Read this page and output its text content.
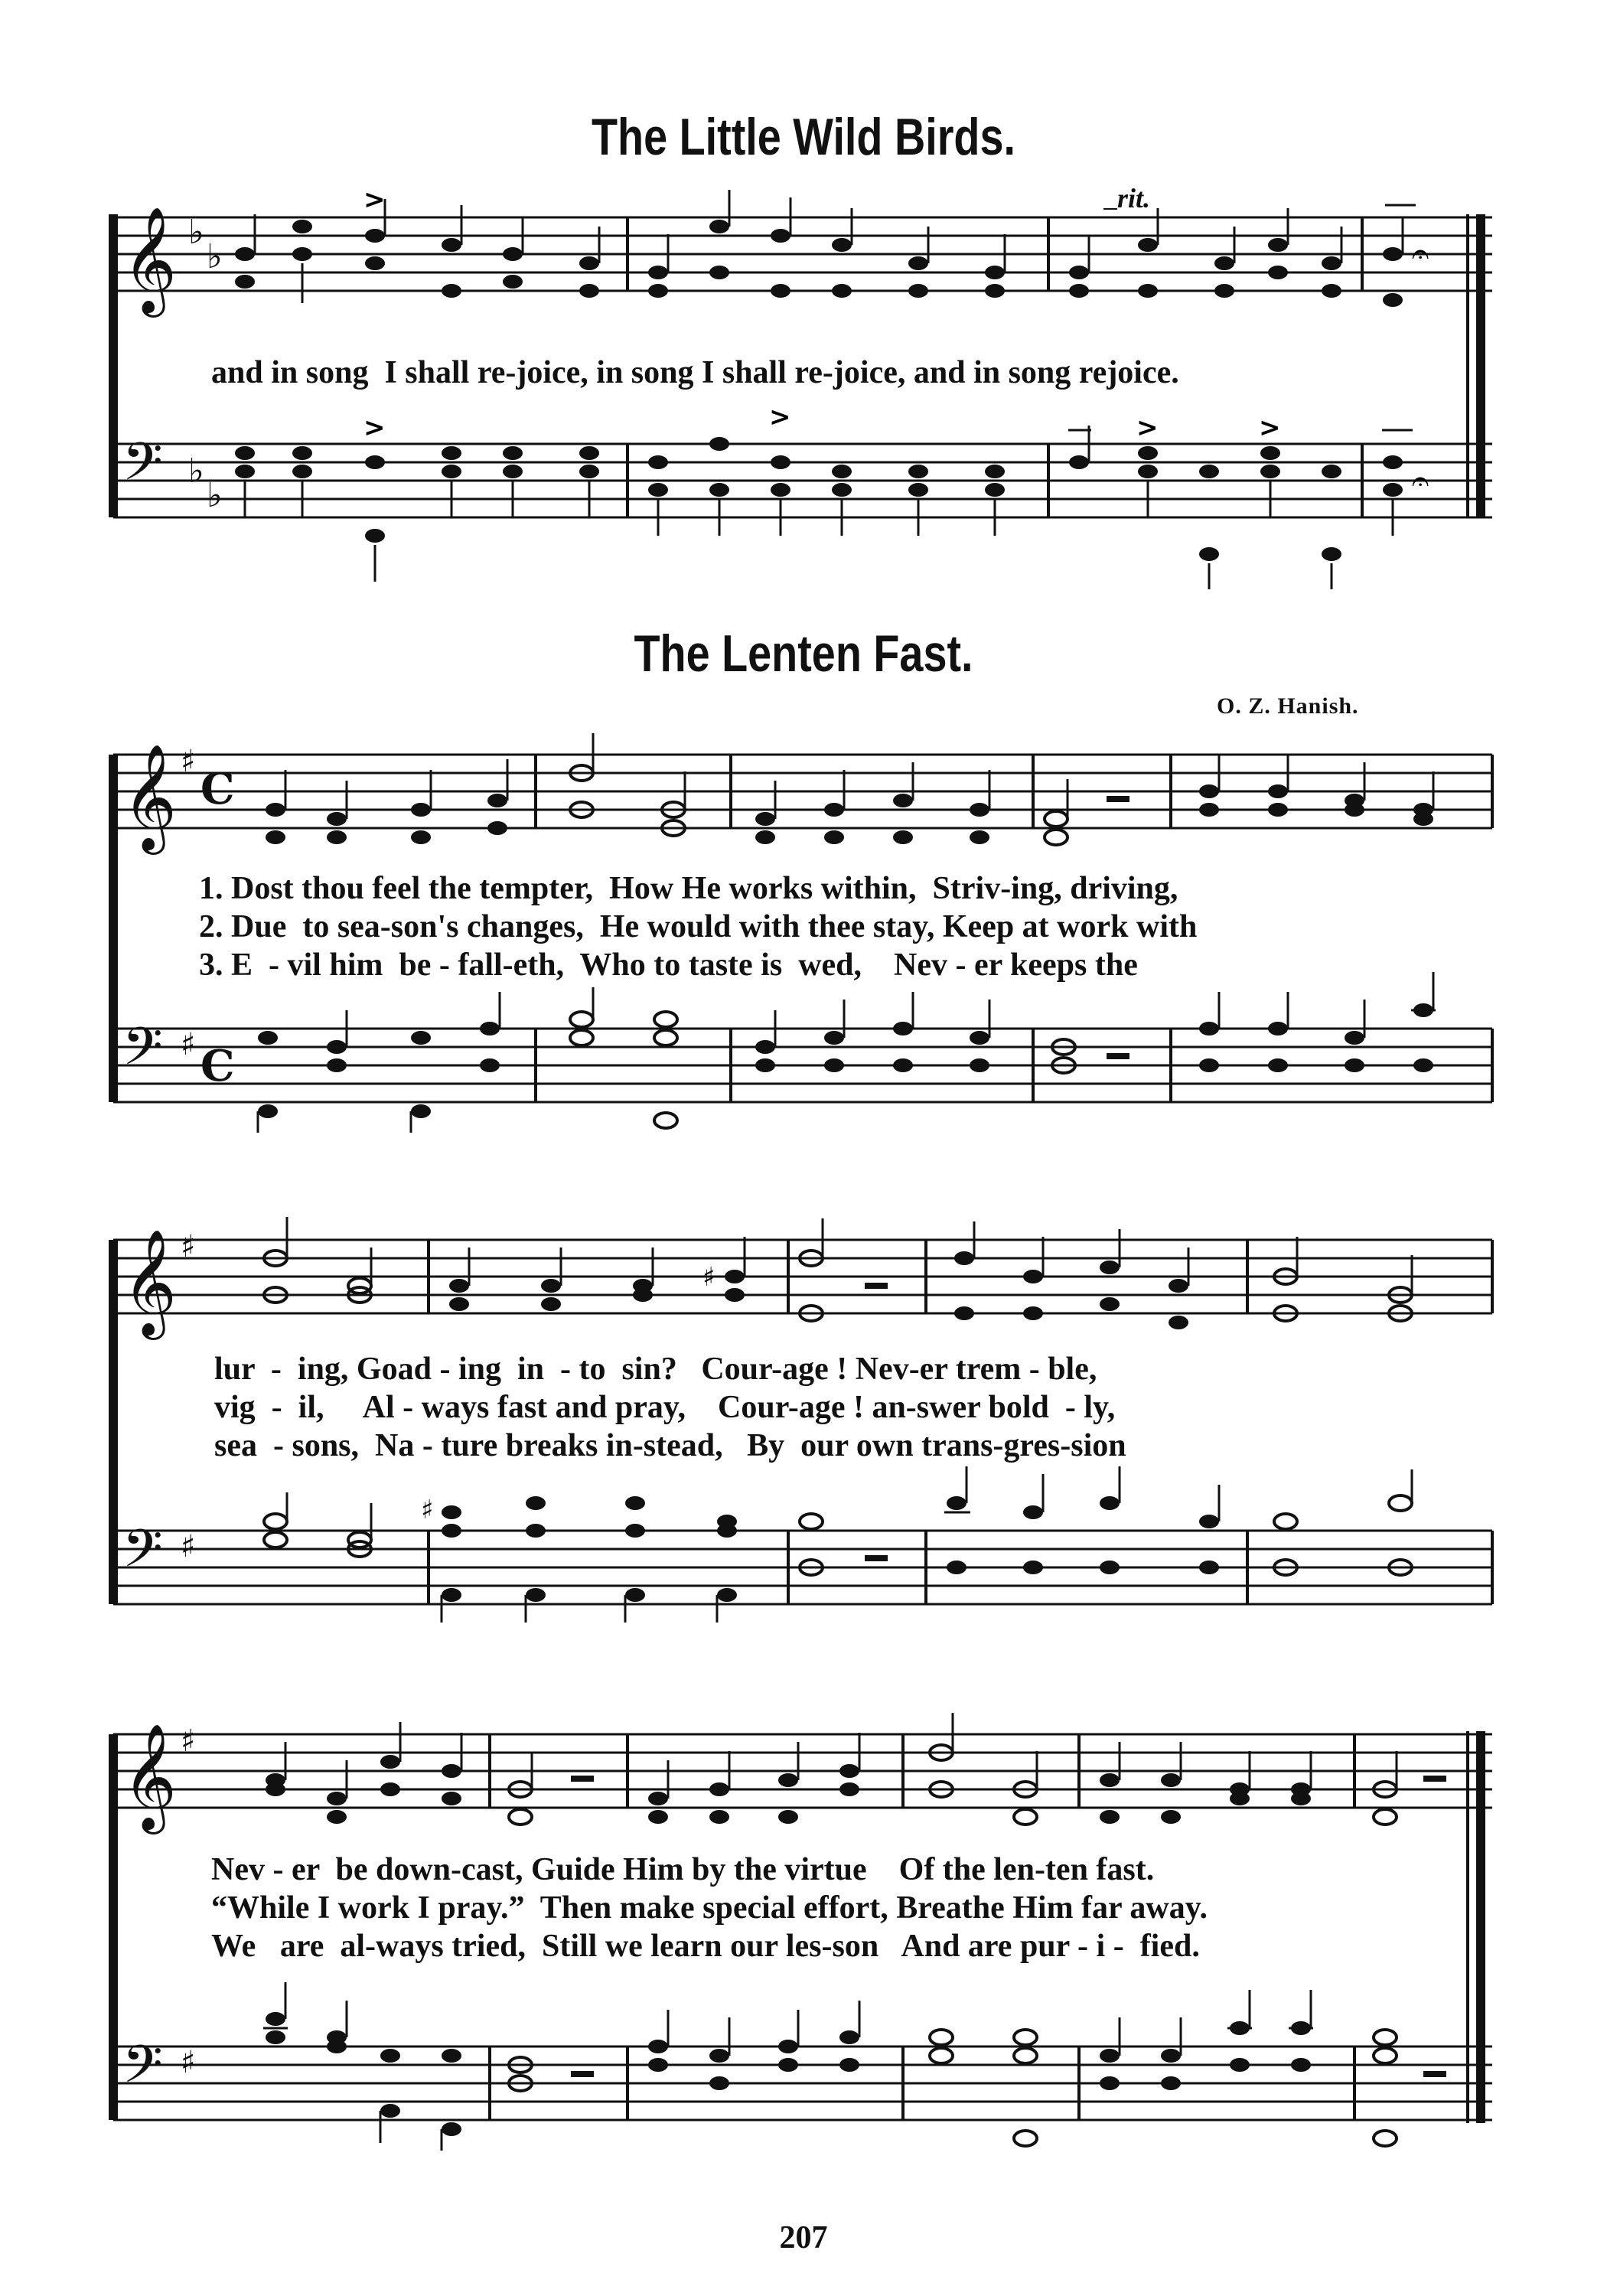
The Little Wild Birds.
The Lenten Fast.
O. Z. Hanish.
rit.
𝄞
𝄢
♭
♭
♭
♭
>
𝄐
>	>	>	>
𝄐
and in song  I shall re-joice, in song I shall re-joice, and in song rejoice.
𝄞
𝄢
♯
♯
C
C
1. Dost thou feel the tempter,  How He works within,  Striv-ing, driving,
2. Due  to sea-son's changes,  He would with thee stay, Keep at work with
3. E  - vil him  be - fall-eth,  Who to taste is  wed,    Nev - er keeps the
𝄞
𝄢
♯
♯
♯
♯
lur  -  ing, Goad - ing  in  - to  sin?   Cour-age ! Nev-er trem - ble,
vig  -  il,     Al - ways fast and pray,    Cour-age ! an-swer bold  - ly,
sea  - sons,  Na - ture breaks in-stead,   By  our own trans-gres-sion
𝄞
𝄢
♯
♯
Nev - er  be down-cast, Guide Him by the virtue    Of the len-ten fast.
“While I work I pray.”  Then make special effort, Breathe Him far away.
We   are  al-ways tried,  Still we learn our les-son   And are pur - i -  fied.
207
